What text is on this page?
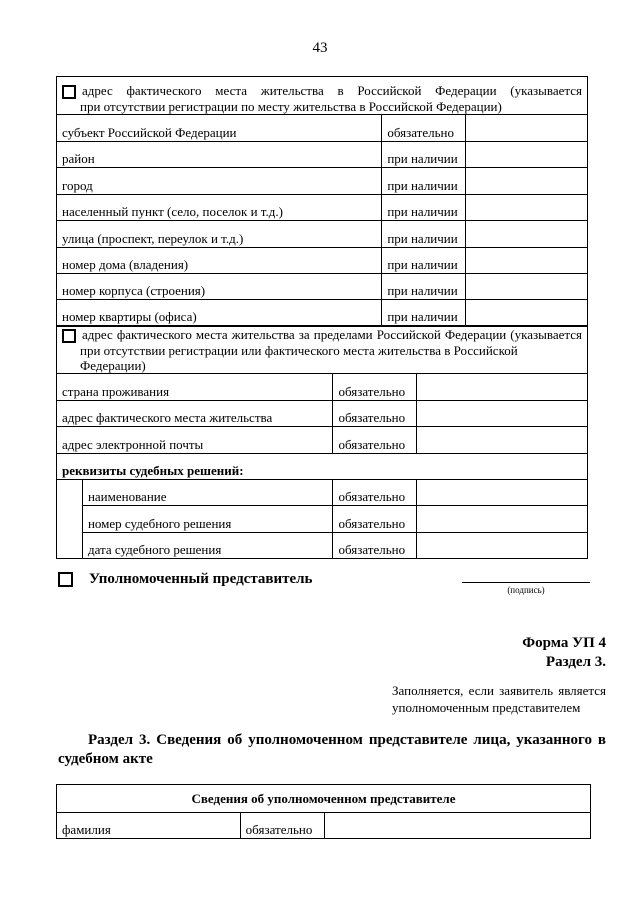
43
адрес фактического места жительства в Российской Федерации (указывается
при отсутствии регистрации по месту жительства в Российской Федерации)		

субъект Российской Федерации	обязательно	
район	при наличии	
город	при наличии	
населенный пункт (село, поселок и т.д.)	при наличии	
улица (проспект, переулок и т.д.)	при наличии	
номер дома (владения)	при наличии	
номер корпуса (строения)	при наличии	
номер квартиры (офиса)	при наличии	
адрес фактического места жительства за пределами Российской Федерации (указывается
при отсутствии регистрации или фактического места жительства в Российской Федерации)			

страна проживания		обязательно	
адрес фактического места жительства		обязательно	
адрес электронной почты		обязательно	
реквизиты судебных решений:			
	наименование	обязательно	
	номер судебного решения	обязательно	
	дата судебного решения	обязательно	
Уполномоченный представитель
(подпись)
Форма УП 4
Раздел 3.
Заполняется, если заявитель является уполномоченным представителем
Раздел 3. Сведения об уполномоченном представителе лица, указанного в судебном акте
Сведения об уполномоченном представителе
фамилия	обязательно	
